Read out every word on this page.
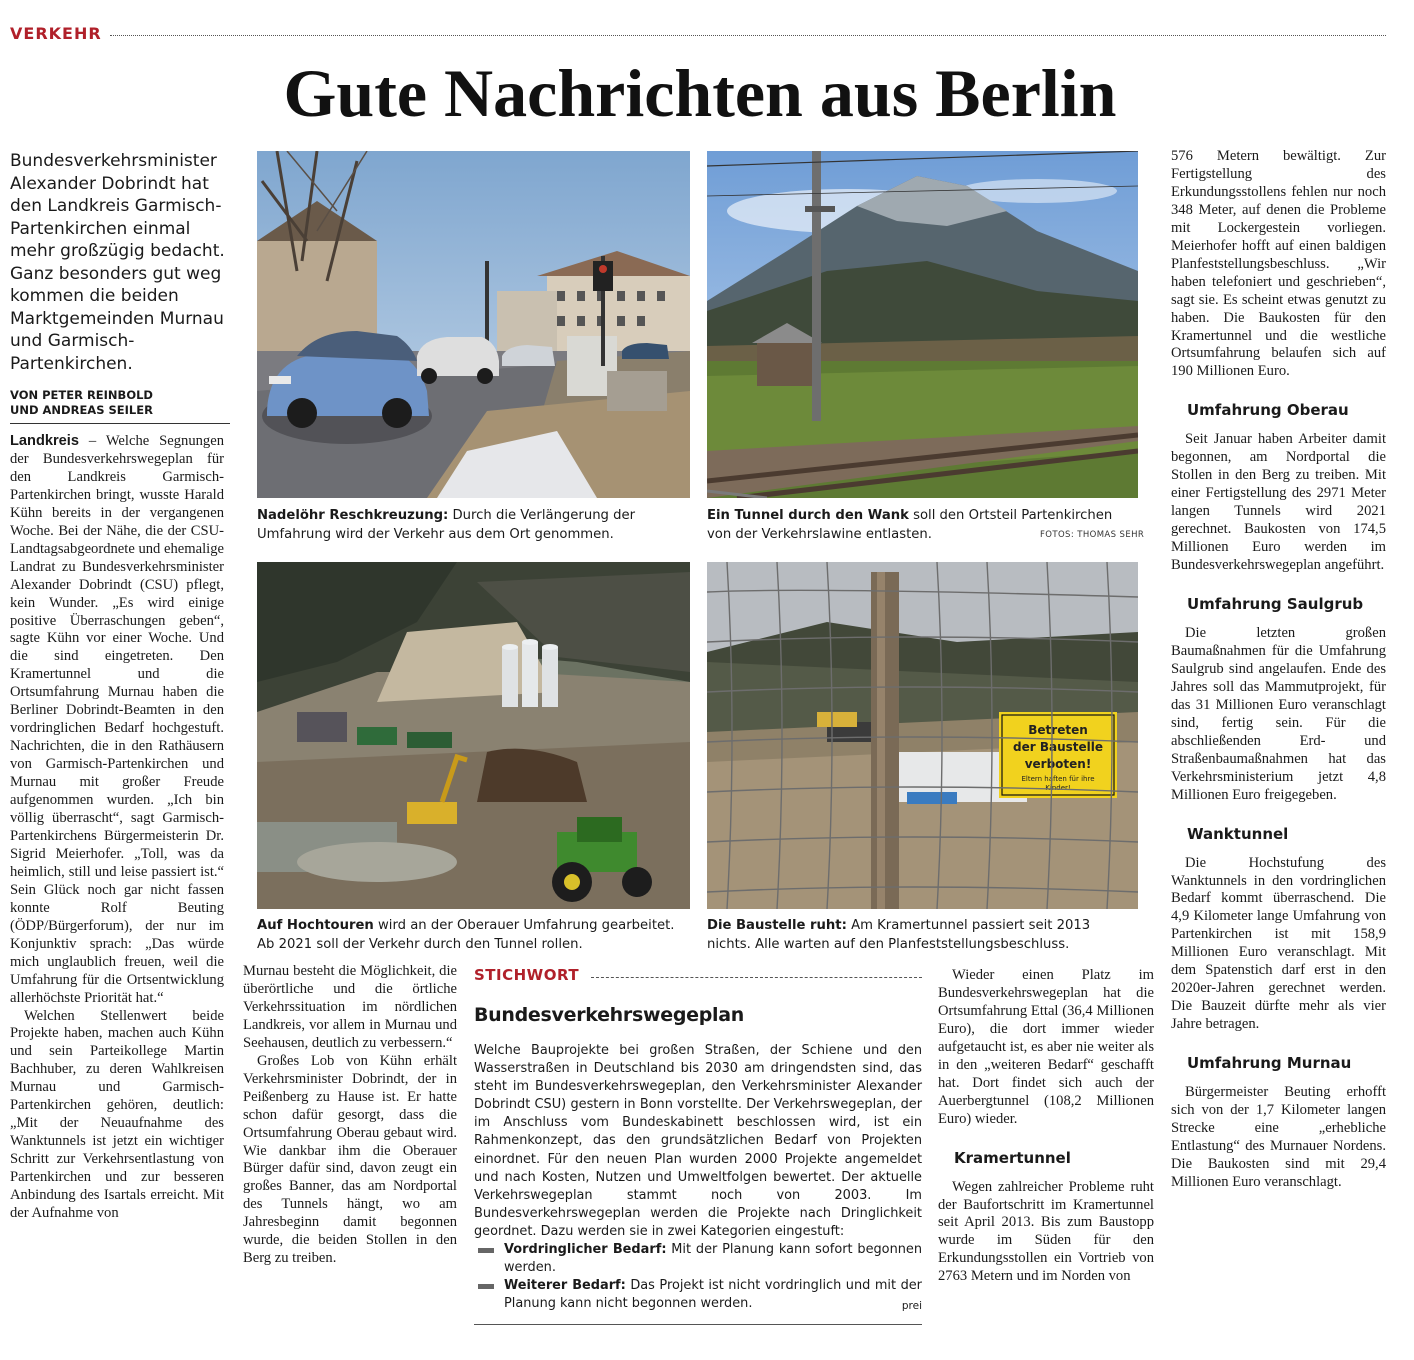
VERKEHR
Gute Nachrichten aus Berlin
Bundesverkehrsminister Alexander Dobrindt hat den Landkreis Garmisch-Partenkirchen einmal mehr großzügig bedacht. Ganz besonders gut weg kommen die beiden Marktgemeinden Murnau und Garmisch-Partenkirchen.
VON PETER REINBOLD
UND ANDREAS SEILER

Landkreis – Welche Segnungen der Bundesverkehrswegeplan für den Landkreis Garmisch-Partenkirchen bringt, wusste Harald Kühn bereits in der vergangenen Woche. Bei der Nähe, die der CSU-Landtagsabgeordnete und ehemalige Landrat zu Bundesverkehrsminister Alexander Dobrindt (CSU) pflegt, kein Wunder. „Es wird einige positive Überraschungen geben“, sagte Kühn vor einer Woche. Und die sind eingetreten. Den Kramertunnel und die Ortsumfahrung Murnau haben die Berliner Dobrindt-Beamten in den vordringlichen Bedarf hochgestuft. Nachrichten, die in den Rathäusern von Garmisch-Partenkirchen und Murnau mit großer Freude aufgenommen wurden. „Ich bin völlig überrascht“, sagt Garmisch-Partenkirchens Bürgermeisterin Dr. Sigrid Meierhofer. „Toll, was da heimlich, still und leise passiert ist.“ Sein Glück noch gar nicht fassen konnte Rolf Beuting (ÖDP/Bürgerforum), der nur im Konjunktiv sprach: „Das würde mich unglaublich freuen, weil die Umfahrung für die Ortsentwicklung allerhöchste Priorität hat.“

Welchen Stellenwert beide Projekte haben, machen auch Kühn und sein Parteikollege Martin Bachhuber, zu deren Wahlkreisen Murnau und Garmisch-Partenkirchen gehören, deutlich: „Mit der Neuaufnahme des Wanktunnels ist jetzt ein wichtiger Schritt zur Verkehrsentlastung von Partenkirchen und zur besseren Anbindung des Isartals erreicht. Mit der Aufnahme von

Nadelöhr Reschkreuzung: Durch die Verlängerung der Umfahrung wird der Verkehr aus dem Ort genommen.
Ein Tunnel durch den Wank soll den Ortsteil Partenkirchen von der Verkehrslawine entlasten.	FOTOS: THOMAS SEHR
Auf Hochtouren wird an der Oberauer Umfahrung gearbeitet. Ab 2021 soll der Verkehr durch den Tunnel rollen.
Betreten
der Baustelle
verboten!
Eltern haften für ihre
Kinder!
Die Baustelle ruht: Am Kramertunnel passiert seit 2013 nichts. Alle warten auf den Planfeststellungsbeschluss.

Murnau besteht die Möglichkeit, die überörtliche und die örtliche Verkehrssituation im nördlichen Landkreis, vor allem in Murnau und Seehausen, deutlich zu verbessern.“

Großes Lob von Kühn erhält Verkehrsminister Dobrindt, der in Peißenberg zu Hause ist. Er hatte schon dafür gesorgt, dass die Ortsumfahrung Oberau gebaut wird. Wie dankbar ihm die Oberauer Bürger dafür sind, davon zeugt ein großes Banner, das am Nordportal des Tunnels hängt, wo am Jahresbeginn damit begonnen wurde, die beiden Stollen in den Berg zu treiben.

STICHWORT
Bundesverkehrswegeplan
Welche Bauprojekte bei großen Straßen, der Schiene und den Wasserstraßen in Deutschland bis 2030 am dringendsten sind, das steht im Bundesverkehrswegeplan, den Verkehrsminister Alexander Dobrindt CSU) gestern in Bonn vorstellte. Der Verkehrswegeplan, der im Anschluss vom Bundeskabinett beschlossen wird, ist ein Rahmenkonzept, das den grundsätzlichen Bedarf von Projekten einordnet. Für den neuen Plan wurden 2000 Projekte angemeldet und nach Kosten, Nutzen und Umweltfolgen bewertet. Der aktuelle Verkehrswegeplan stammt noch von 2003. Im Bundesverkehrswegeplan werden die Projekte nach Dringlichkeit geordnet. Dazu werden sie in zwei Kategorien eingestuft:
Vordringlicher Bedarf: Mit der Planung kann sofort begonnen werden.
Weiterer Bedarf: Das Projekt ist nicht vordringlich und mit der Planung kann nicht begonnen werden.	prei

Wieder einen Platz im Bundesverkehrswegeplan hat die Ortsumfahrung Ettal (36,4 Millionen Euro), die dort immer wieder aufgetaucht ist, es aber nie weiter als in den „weiteren Bedarf“ geschafft hat. Dort findet sich auch der Auerbergtunnel (108,2 Millionen Euro) wieder.

Kramertunnel

Wegen zahlreicher Probleme ruht der Baufortschritt im Kramertunnel seit April 2013. Bis zum Baustopp wurde im Süden für den Erkundungsstollen ein Vortrieb von 2763 Metern und im Norden von

576 Metern bewältigt. Zur Fertigstellung des Erkundungsstollens fehlen nur noch 348 Meter, auf denen die Probleme mit Lockergestein vorliegen. Meierhofer hofft auf einen baldigen Planfeststellungsbeschluss. „Wir haben telefoniert und geschrieben“, sagt sie. Es scheint etwas genutzt zu haben. Die Baukosten für den Kramertunnel und die westliche Ortsumfahrung belaufen sich auf 190 Millionen Euro.

Umfahrung Oberau

Seit Januar haben Arbeiter damit begonnen, am Nordportal die Stollen in den Berg zu treiben. Mit einer Fertigstellung des 2971 Meter langen Tunnels wird 2021 gerechnet. Baukosten von 174,5 Millionen Euro werden im Bundesverkehrswegeplan angeführt.

Umfahrung Saulgrub

Die letzten großen Baumaßnahmen für die Umfahrung Saulgrub sind angelaufen. Ende des Jahres soll das Mammutprojekt, für das 31 Millionen Euro veranschlagt sind, fertig sein. Für die abschließenden Erd- und Straßenbaumaßnahmen hat das Verkehrsministerium jetzt 4,8 Millionen Euro freigegeben.

Wanktunnel

Die Hochstufung des Wanktunnels in den vordringlichen Bedarf kommt überraschend. Die 4,9 Kilometer lange Umfahrung von Partenkirchen ist mit 158,9 Millionen Euro veranschlagt. Mit dem Spatenstich darf erst in den 2020er-Jahren gerechnet werden. Die Bauzeit dürfte mehr als vier Jahre betragen.

Umfahrung Murnau

Bürgermeister Beuting erhofft sich von der 1,7 Kilometer langen Strecke eine „erhebliche Entlastung“ des Murnauer Nordens. Die Baukosten sind mit 29,4 Millionen Euro veranschlagt.
